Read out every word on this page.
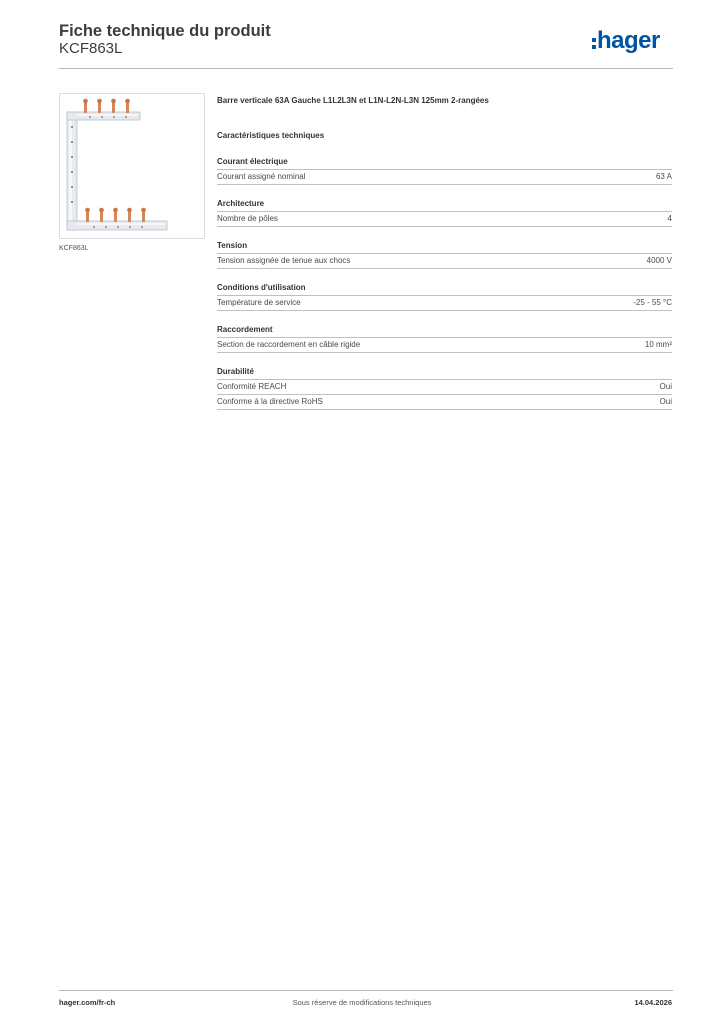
Fiche technique du produit
KCF863L	hager
KCF863L
Barre verticale 63A Gauche L1L2L3N et L1N-L2N-L3N 125mm 2-rangées
Caractéristiques techniques
Courant électrique
Courant assigné nominal	63 A
Architecture
Nombre de pôles	4
Tension
Tension assignée de tenue aux chocs	4000 V
Conditions d'utilisation
Température de service	-25 - 55 °C
Raccordement
Section de raccordement en câble rigide	10 mm²
Durabilité
Conformité REACH	Oui
Conforme à la directive RoHS	Oui
hager.com/fr-ch	Sous réserve de modifications techniques	14.04.2026
